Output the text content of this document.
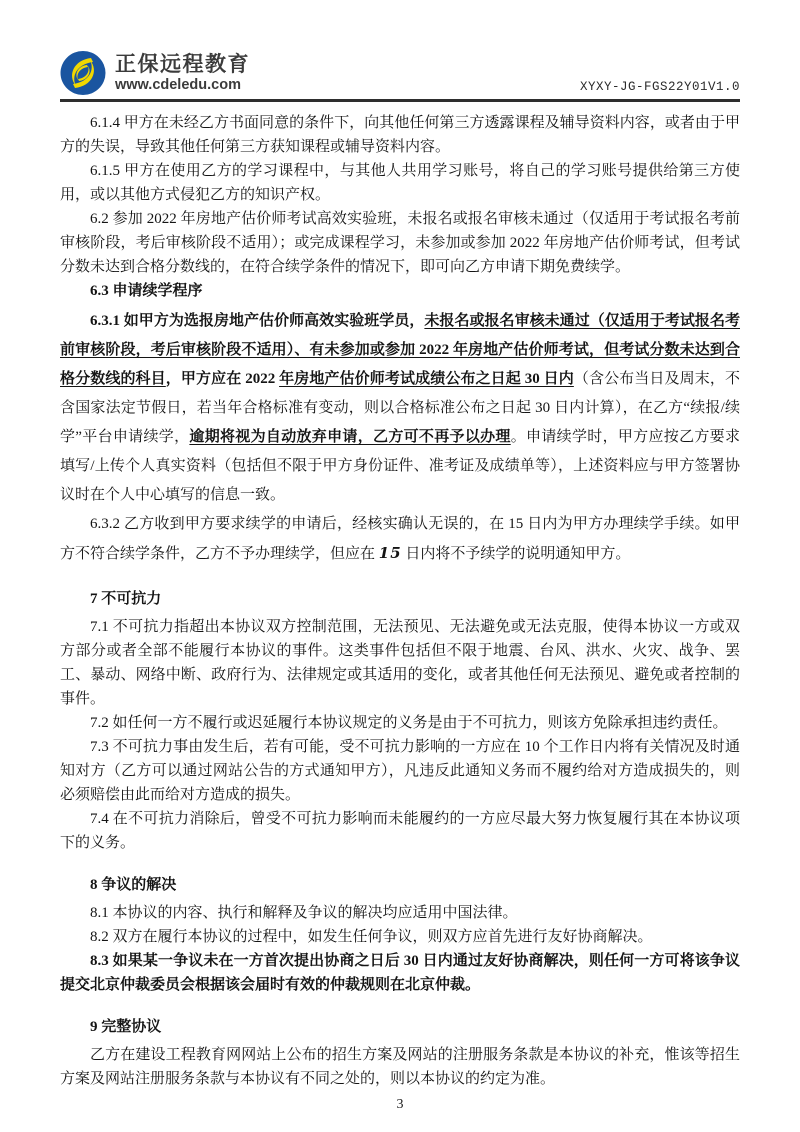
正保远程教育
www.cdeledu.com	XYXY-JG-FGS22Y01V1.0

6.1.4 甲方在未经乙方书面同意的条件下，向其他任何第三方透露课程及辅导资料内容，或者由于甲方的失误，导致其他任何第三方获知课程或辅导资料内容。

6.1.5 甲方在使用乙方的学习课程中，与其他人共用学习账号，将自己的学习账号提供给第三方使用，或以其他方式侵犯乙方的知识产权。

6.2 参加 2022 年房地产估价师考试高效实验班，未报名或报名审核未通过（仅适用于考试报名考前审核阶段，考后审核阶段不适用）；或完成课程学习，未参加或参加 2022 年房地产估价师考试，但考试分数未达到合格分数线的，在符合续学条件的情况下，即可向乙方申请下期免费续学。

6.3 申请续学程序

6.3.1 如甲方为选报房地产估价师高效实验班学员，未报名或报名审核未通过（仅适用于考试报名考前审核阶段，考后审核阶段不适用）、有未参加或参加 2022 年房地产估价师考试，但考试分数未达到合格分数线的科目，甲方应在 2022 年房地产估价师考试成绩公布之日起 30 日内（含公布当日及周末，不含国家法定节假日，若当年合格标准有变动，则以合格标准公布之日起 30 日内计算），在乙方“续报/续学”平台申请续学，逾期将视为自动放弃申请，乙方可不再予以办理。申请续学时，甲方应按乙方要求填写/上传个人真实资料（包括但不限于甲方身份证件、准考证及成绩单等），上述资料应与甲方签署协议时在个人中心填写的信息一致。

6.3.2 乙方收到甲方要求续学的申请后，经核实确认无误的，在 15 日内为甲方办理续学手续。如甲方不符合续学条件，乙方不予办理续学，但应在 15 日内将不予续学的说明通知甲方。

7 不可抗力

7.1 不可抗力指超出本协议双方控制范围，无法预见、无法避免或无法克服，使得本协议一方或双方部分或者全部不能履行本协议的事件。这类事件包括但不限于地震、台风、洪水、火灾、战争、罢工、暴动、网络中断、政府行为、法律规定或其适用的变化，或者其他任何无法预见、避免或者控制的事件。

7.2 如任何一方不履行或迟延履行本协议规定的义务是由于不可抗力，则该方免除承担违约责任。

7.3 不可抗力事由发生后，若有可能，受不可抗力影响的一方应在 10 个工作日内将有关情况及时通知对方（乙方可以通过网站公告的方式通知甲方），凡违反此通知义务而不履约给对方造成损失的，则必须赔偿由此而给对方造成的损失。

7.4 在不可抗力消除后，曾受不可抗力影响而未能履约的一方应尽最大努力恢复履行其在本协议项下的义务。

8 争议的解决

8.1 本协议的内容、执行和解释及争议的解决均应适用中国法律。

8.2 双方在履行本协议的过程中，如发生任何争议，则双方应首先进行友好协商解决。

8.3 如果某一争议未在一方首次提出协商之日后 30 日内通过友好协商解决，则任何一方可将该争议提交北京仲裁委员会根据该会届时有效的仲裁规则在北京仲裁。

9 完整协议

乙方在建设工程教育网网站上公布的招生方案及网站的注册服务条款是本协议的补充，惟该等招生方案及网站注册服务条款与本协议有不同之处的，则以本协议的约定为准。

3
